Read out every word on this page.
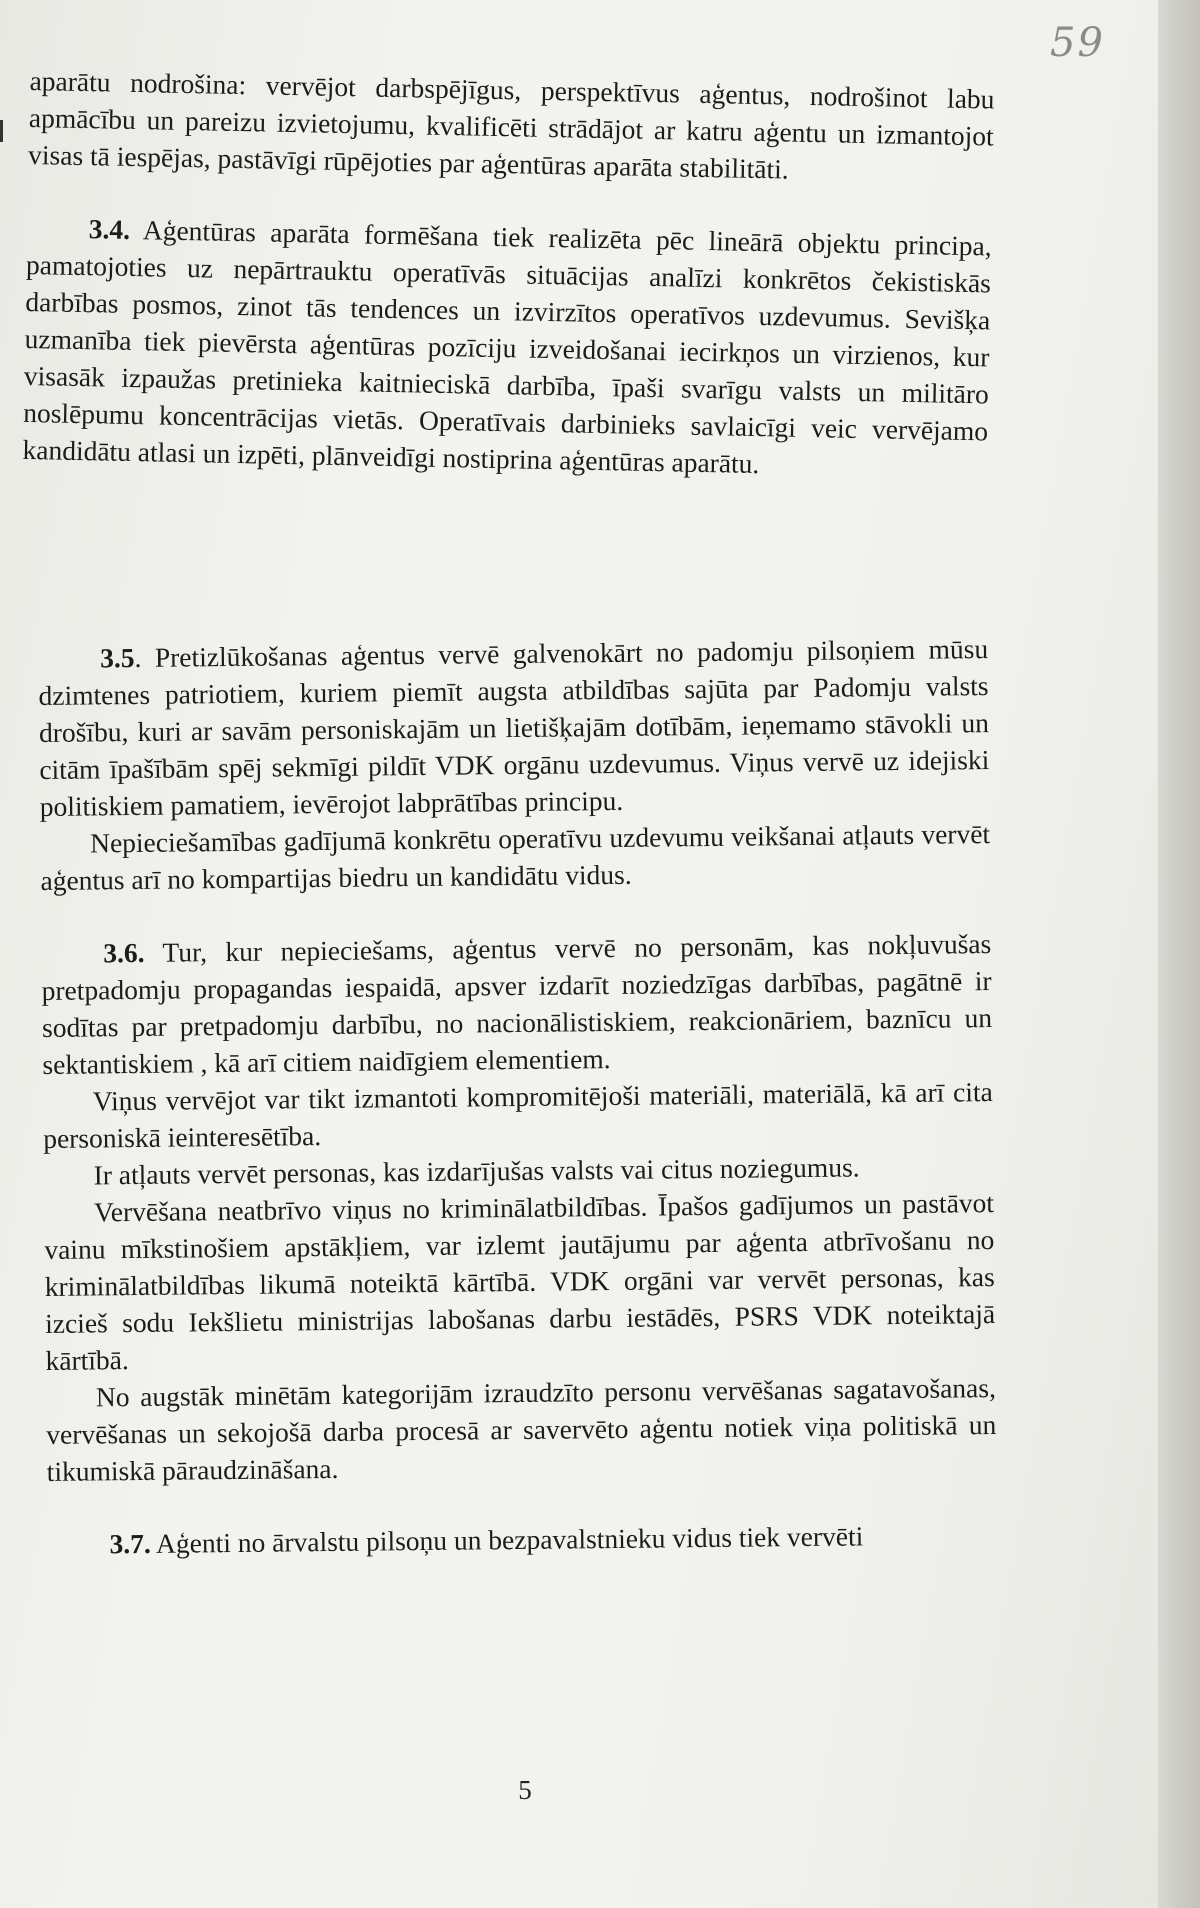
59

aparātu nodrošina: vervējot darbspējīgus, perspektīvus aģentus, nodrošinot labu apmācību un pareizu izvietojumu, kvalificēti strādājot ar katru aģentu un izmantojot visas tā iespējas, pastāvīgi rūpējoties par aģentūras aparāta stabilitāti.

3.4. Aģentūras aparāta formēšana tiek realizēta pēc lineārā objektu principa, pamatojoties uz nepārtrauktu operatīvās situācijas analīzi konkrētos čekistiskās darbības posmos, zinot tās tendences un izvirzītos operatīvos uzdevumus. Sevišķa uzmanība tiek pievērsta aģentūras pozīciju izveidošanai iecirkņos un virzienos, kur visasāk izpaužas pretinieka kaitnieciskā darbība, īpaši svarīgu valsts un militāro noslēpumu koncentrācijas vietās. Operatīvais darbinieks savlaicīgi veic vervējamo kandidātu atlasi un izpēti, plānveidīgi nostiprina aģentūras aparātu.

3.5. Pretizlūkošanas aģentus vervē galvenokārt no padomju pilsoņiem mūsu dzimtenes patriotiem, kuriem piemīt augsta atbildības sajūta par Padomju valsts drošību, kuri ar savām personiskajām un lietišķajām dotībām, ieņemamo stāvokli un citām īpašībām spēj sekmīgi pildīt VDK orgānu uzdevumus. Viņus vervē uz idejiski politiskiem pamatiem, ievērojot labprātības principu.

Nepieciešamības gadījumā konkrētu operatīvu uzdevumu veikšanai atļauts vervēt aģentus arī no kompartijas biedru un kandidātu vidus.

3.6. Tur, kur nepieciešams, aģentus vervē no personām, kas nokļuvušas pretpadomju propagandas iespaidā, apsver izdarīt noziedzīgas darbības, pagātnē ir sodītas par pretpadomju darbību, no nacionālistiskiem, reakcionāriem, baznīcu un sektantiskiem , kā arī citiem naidīgiem elementiem.

Viņus vervējot var tikt izmantoti kompromitējoši materiāli, materiālā, kā arī cita personiskā ieinteresētība.

Ir atļauts vervēt personas, kas izdarījušas valsts vai citus noziegumus.

Vervēšana neatbrīvo viņus no kriminālatbildības. Īpašos gadījumos un pastāvot vainu mīkstinošiem apstākļiem, var izlemt jautājumu par aģenta atbrīvošanu no kriminālatbildības likumā noteiktā kārtībā. VDK orgāni var vervēt personas, kas izcieš sodu Iekšlietu ministrijas labošanas darbu iestādēs, PSRS VDK noteiktajā kārtībā.

No augstāk minētām kategorijām izraudzīto personu vervēšanas sagatavošanas, vervēšanas un sekojošā darba procesā ar savervēto aģentu notiek viņa politiskā un tikumiskā pāraudzināšana.

3.7. Aģenti no ārvalstu pilsoņu un bezpavalstnieku vidus tiek vervēti

5
